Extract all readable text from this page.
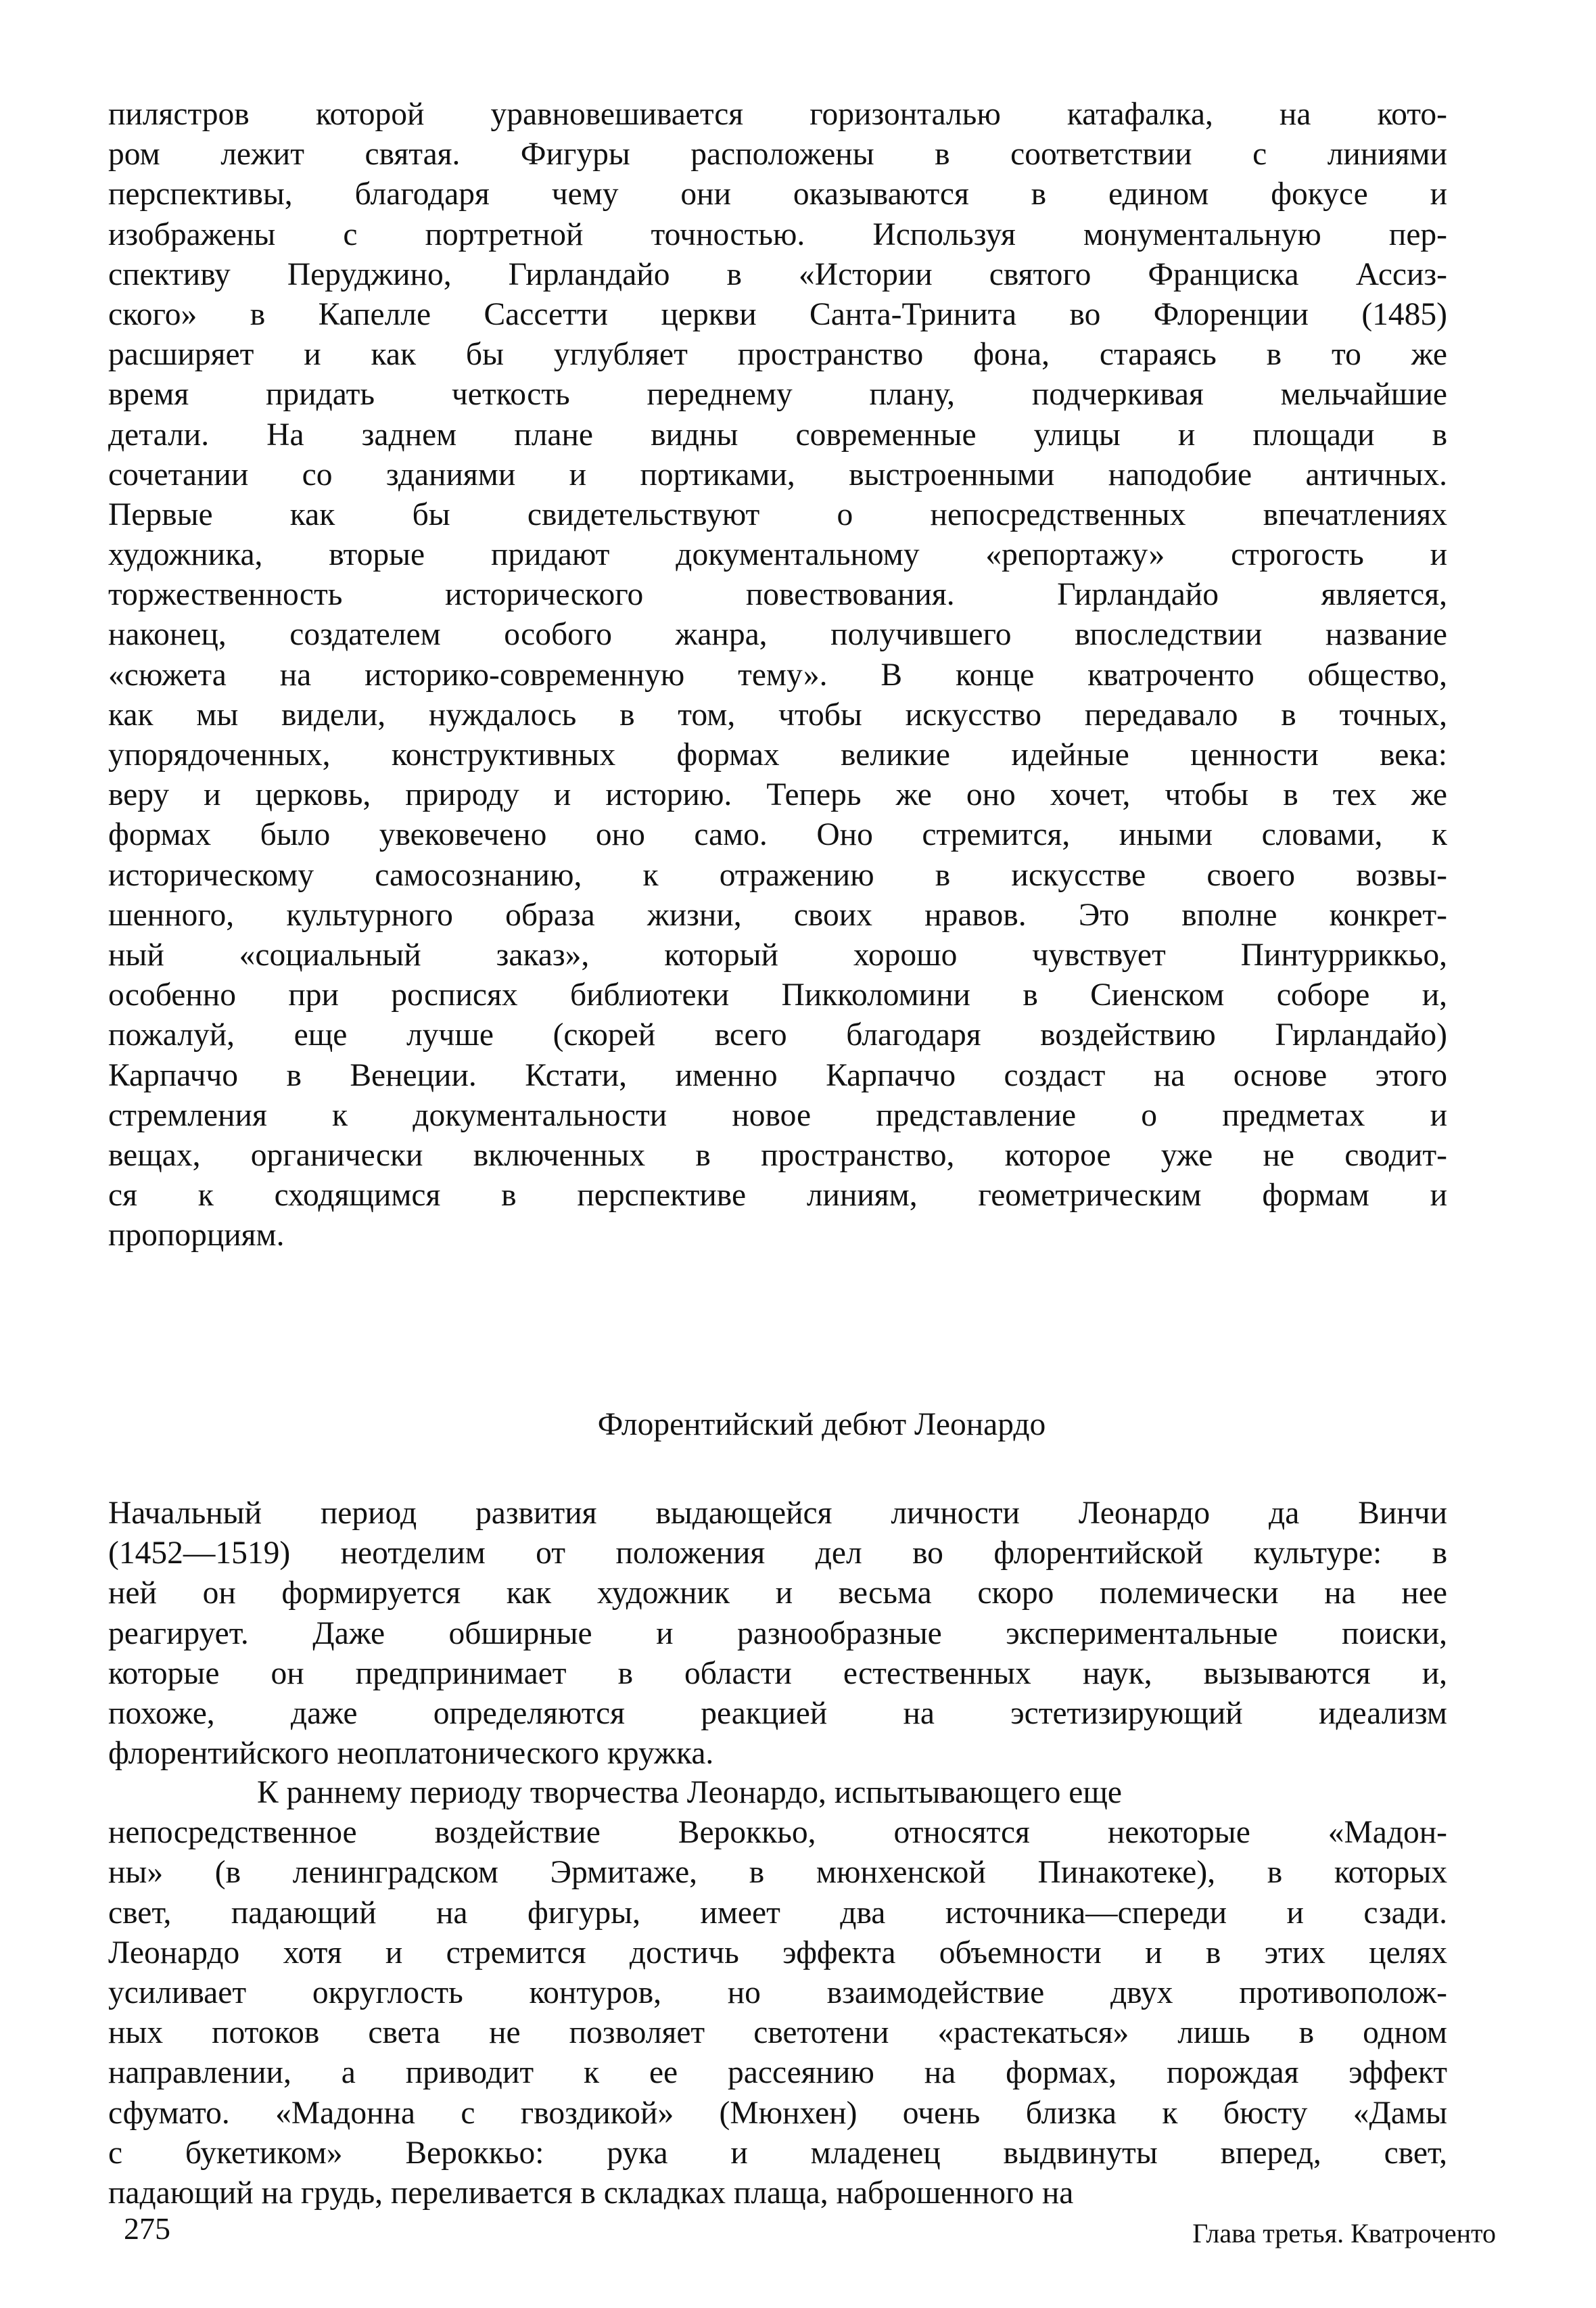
пилястров которой уравновешивается горизонталью катафалка, на кото-
ром лежит святая. Фигуры расположены в соответствии с линиями
перспективы, благодаря чему они оказываются в едином фокусе и
изображены с портретной точностью. Используя монументальную пер-
спективу Перуджино, Гирландайо в «Истории святого Франциска Ассиз-
ского» в Капелле Сассетти церкви Санта-Тринита во Флоренции (1485)
расширяет и как бы углубляет пространство фона, стараясь в то же
время придать четкость переднему плану, подчеркивая мельчайшие
детали. На заднем плане видны современные улицы и площади в
сочетании со зданиями и портиками, выстроенными наподобие античных.
Первые как бы свидетельствуют о непосредственных впечатлениях
художника, вторые придают документальному «репортажу» строгость и
торжественность исторического повествования. Гирландайо является,
наконец, создателем особого жанра, получившего впоследствии название
«сюжета на историко-современную тему». В конце кватроченто общество,
как мы видели, нуждалось в том, чтобы искусство передавало в точных,
упорядоченных, конструктивных формах великие идейные ценности века:
веру и церковь, природу и историю. Теперь же оно хочет, чтобы в тех же
формах было увековечено оно само. Оно стремится, иными словами, к
историческому самосознанию, к отражению в искусстве своего возвы-
шенного, культурного образа жизни, своих нравов. Это вполне конкрет-
ный «социальный заказ», который хорошо чувствует Пинтурриккьо,
особенно при росписях библиотеки Пикколомини в Сиенском соборе и,
пожалуй, еще лучше (скорей всего благодаря воздействию Гирландайо)
Карпаччо в Венеции. Кстати, именно Карпаччо создаст на основе этого
стремления к документальности новое представление о предметах и
вещах, органически включенных в пространство, которое уже не сводит-
ся к сходящимся в перспективе линиям, геометрическим формам и
пропорциям.
Флорентийский дебют Леонардо
Начальный период развития выдающейся личности Леонардо да Винчи
(1452—1519) неотделим от положения дел во флорентийской культуре: в
ней он формируется как художник и весьма скоро полемически на нее
реагирует. Даже обширные и разнообразные экспериментальные поиски,
которые он предпринимает в области естественных наук, вызываются и,
похоже, даже определяются реакцией на эстетизирующий идеализм
флорентийского неоплатонического кружка.
К раннему периоду творчества Леонардо, испытывающего еще
непосредственное воздействие Вероккьо, относятся некоторые «Мадон-
ны» (в ленинградском Эрмитаже, в мюнхенской Пинакотеке), в которых
свет, падающий на фигуры, имеет два источника—спереди и сзади.
Леонардо хотя и стремится достичь эффекта объемности и в этих целях
усиливает округлость контуров, но взаимодействие двух противополож-
ных потоков света не позволяет светотени «растекаться» лишь в одном
направлении, а приводит к ее рассеянию на формах, порождая эффект
сфумато. «Мадонна с гвоздикой» (Мюнхен) очень близка к бюсту «Дамы
с букетиком» Вероккьо: рука и младенец выдвинуты вперед, свет,
падающий на грудь, переливается в складках плаща, наброшенного на
275	Глава третья. Кватроченто
